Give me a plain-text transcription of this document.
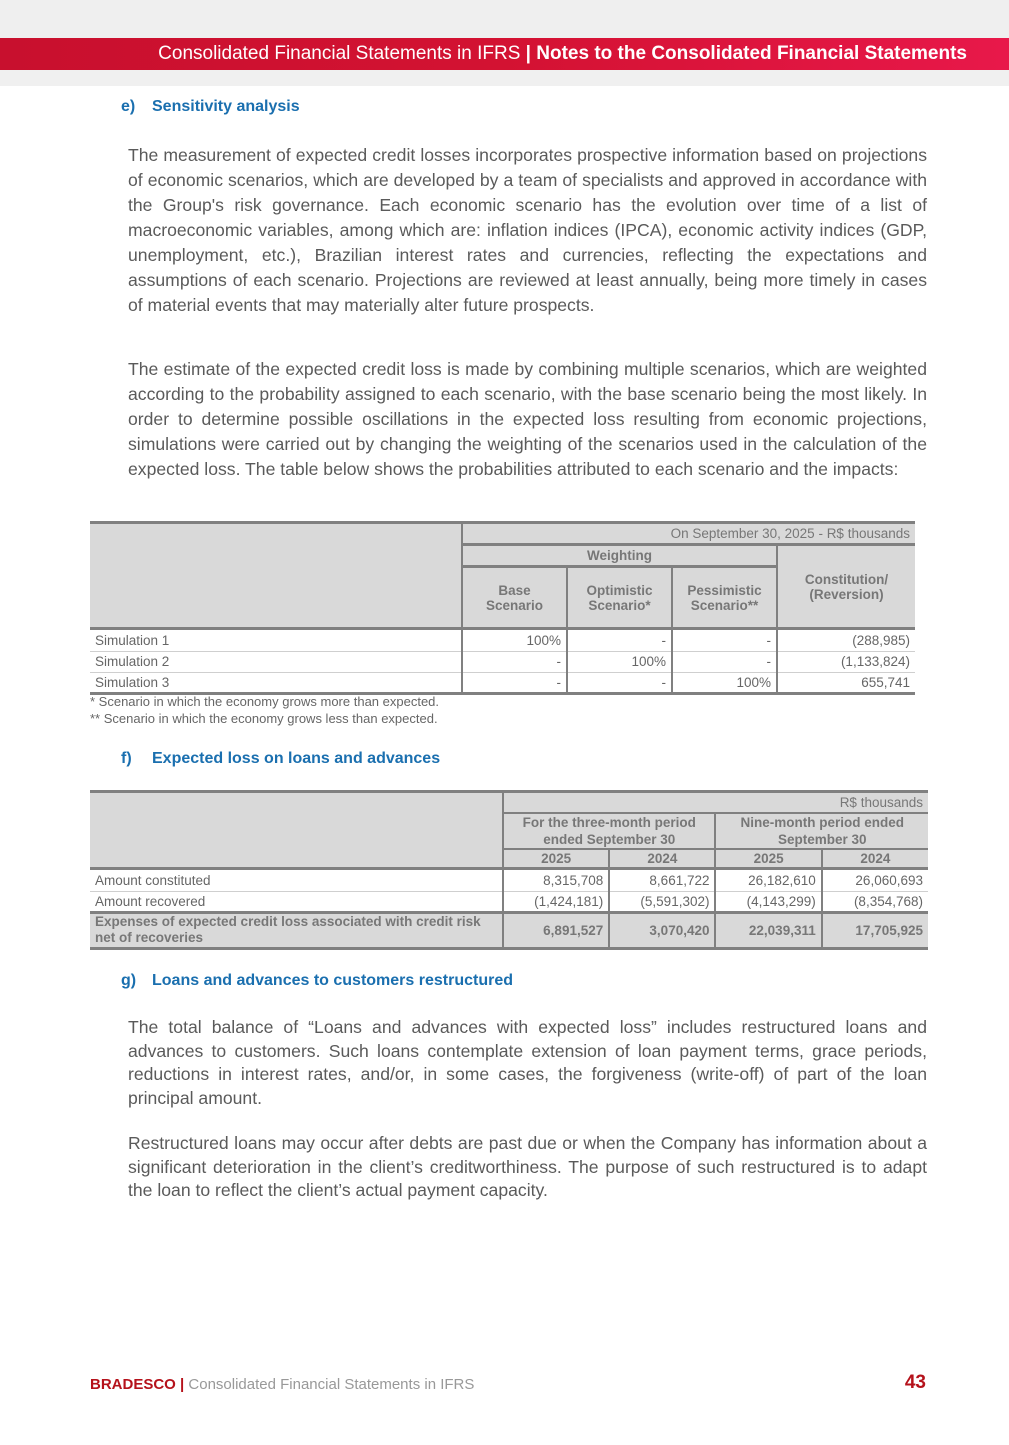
Consolidated Financial Statements in IFRS | Notes to the Consolidated Financial Statements
e) Sensitivity analysis

The measurement of expected credit losses incorporates prospective information based on projections of economic scenarios, which are developed by a team of specialists and approved in accordance with the Group's risk governance. Each economic scenario has the evolution over time of a list of macroeconomic variables, among which are: inflation indices (IPCA), economic activity indices (GDP, unemployment, etc.), Brazilian interest rates and currencies, reflecting the expectations and assumptions of each scenario. Projections are reviewed at least annually, being more timely in cases of material events that may materially alter future prospects.

The estimate of the expected credit loss is made by combining multiple scenarios, which are weighted according to the probability assigned to each scenario, with the base scenario being the most likely. In order to determine possible oscillations in the expected loss resulting from economic projections, simulations were carried out by changing the weighting of the scenarios used in the calculation of the expected loss. The table below shows the probabilities attributed to each scenario and the impacts:

	On September 30, 2025 - R$ thousands			
	Weighting			Constitution/ (Reversion)
	Base Scenario	Optimistic Scenario*	Pessimistic Scenario**	

Simulation 1	100%	-	-	(288,985)
Simulation 2	-	100%	-	(1,133,824)
Simulation 3	-	-	100%	655,741
* Scenario in which the economy grows more than expected.
** Scenario in which the economy grows less than expected.
f) Expected loss on loans and advances
	R$ thousands			
	For the three-month period ended September 30		Nine-month period ended September 30	
	2025	2024	2025	2024

Amount constituted	8,315,708	8,661,722	26,182,610	26,060,693
Amount recovered	(1,424,181)	(5,591,302)	(4,143,299)	(8,354,768)
Expenses of expected credit loss associated with credit risk net of recoveries	6,891,527	3,070,420	22,039,311	17,705,925
g) Loans and advances to customers restructured

The total balance of “Loans and advances with expected loss” includes restructured loans and advances to customers. Such loans contemplate extension of loan payment terms, grace periods, reductions in interest rates, and/or, in some cases, the forgiveness (write-off) of part of the loan principal amount.

Restructured loans may occur after debts are past due or when the Company has information about a significant deterioration in the client’s creditworthiness. The purpose of such restructured is to adapt the loan to reflect the client’s actual payment capacity.

BRADESCO | Consolidated Financial Statements in IFRS	43
